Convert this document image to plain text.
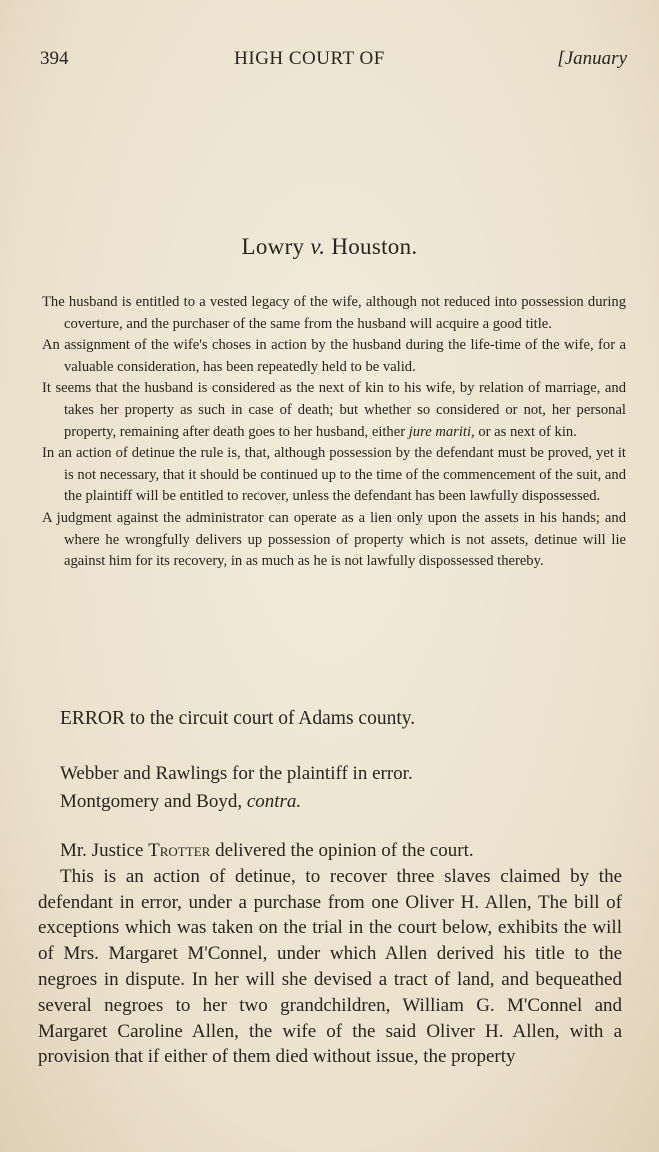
394	HIGH COURT OF	[January
Lowry v. Houston.

The husband is entitled to a vested legacy of the wife, although not reduced into possession during coverture, and the purchaser of the same from the husband will acquire a good title.

An assignment of the wife's choses in action by the husband during the life-time of the wife, for a valuable consideration, has been repeatedly held to be valid.

It seems that the husband is considered as the next of kin to his wife, by relation of marriage, and takes her property as such in case of death; but whether so considered or not, her personal property, remaining after death goes to her husband, either jure mariti, or as next of kin.

In an action of detinue the rule is, that, although possession by the defendant must be proved, yet it is not necessary, that it should be continued up to the time of the commencement of the suit, and the plaintiff will be entitled to recover, unless the defendant has been lawfully dispossessed.

A judgment against the administrator can operate as a lien only upon the assets in his hands; and where he wrongfully delivers up possession of property which is not assets, detinue will lie against him for its recovery, in as much as he is not lawfully dispossessed thereby.

ERROR to the circuit court of Adams county.
Webber and Rawlings for the plaintiff in error.
Montgomery and Boyd, contra.

Mr. Justice Trotter delivered the opinion of the court.

This is an action of detinue, to recover three slaves claimed by the defendant in error, under a purchase from one Oliver H. Allen, The bill of exceptions which was taken on the trial in the court below, exhibits the will of Mrs. Margaret M'Connel, under which Allen derived his title to the negroes in dispute. In her will she devised a tract of land, and bequeathed several negroes to her two grandchildren, William G. M'Connel and Margaret Caroline Allen, the wife of the said Oliver H. Allen, with a provision that if either of them died without issue, the property
